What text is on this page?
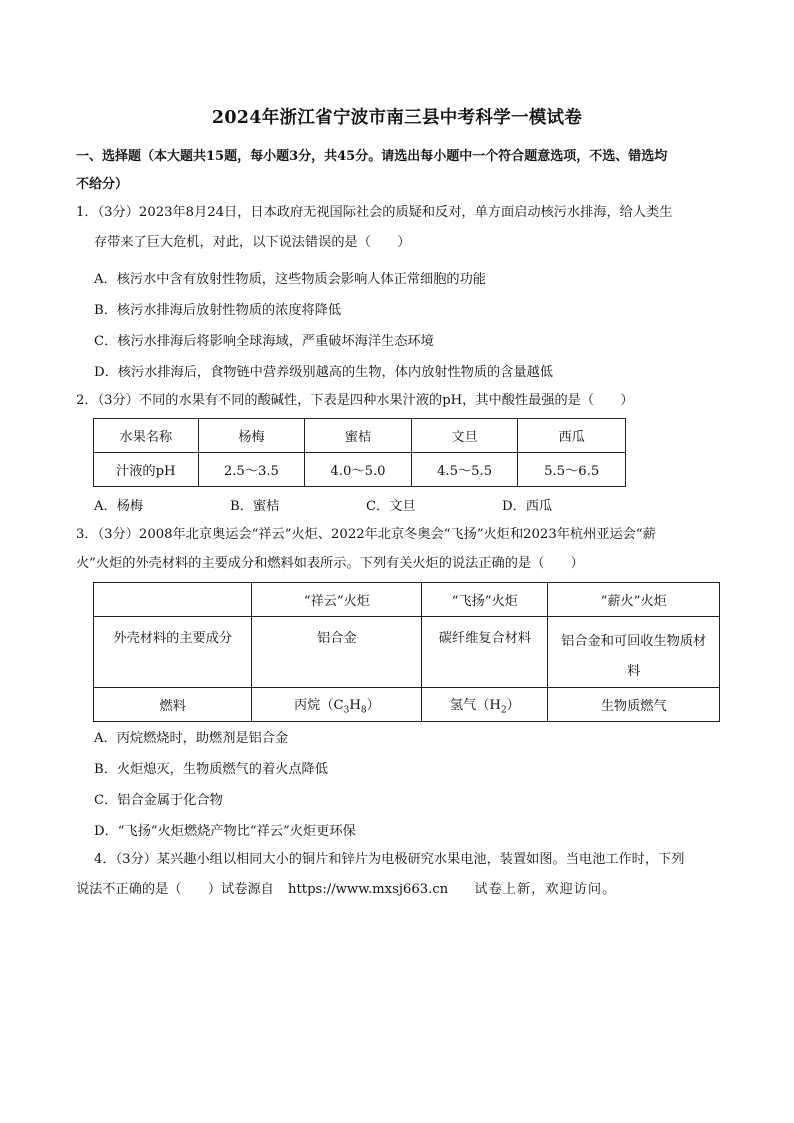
2024年浙江省宁波市南三县中考科学一模试卷
一、选择题（本大题共15题，每小题3分，共45分。请选出每小题中一个符合题意选项，不选、错选均
不给分）
1．（3分）2023年8月24日，日本政府无视国际社会的质疑和反对，单方面启动核污水排海，给人类生
存带来了巨大危机，对此，以下说法错误的是（　　）
A．核污水中含有放射性物质，这些物质会影响人体正常细胞的功能
B．核污水排海后放射性物质的浓度将降低
C．核污水排海后将影响全球海域，严重破坏海洋生态环境
D．核污水排海后，食物链中营养级别越高的生物，体内放射性物质的含量越低
2．（3分）不同的水果有不同的酸碱性，下表是四种水果汁液的pH，其中酸性最强的是（　　）
水果名称	杨梅	蜜桔	文旦	西瓜
汁液的pH	2.5～3.5	4.0～5.0	4.5～5.5	5.5～6.5
A．杨梅	B．蜜桔	C．文旦	D．西瓜
3．（3分）2008年北京奥运会“祥云”火炬、2022年北京冬奥会“飞扬”火炬和2023年杭州亚运会“薪
火”火炬的外壳材料的主要成分和燃料如表所示。下列有关火炬的说法正确的是（　　）
	“祥云”火炬	“飞扬”火炬	“薪火”火炬
外壳材料的主要成分	铝合金	碳纤维复合材料	铝合金和可回收生物质材
料

燃料	丙烷$(C_3H_8)$	氢气$(H_2)$	生物质燃气
A．丙烷燃烧时，助燃剂是铝合金
B．火炬熄灭，生物质燃气的着火点降低
C．铝合金属于化合物
D．“飞扬”火炬燃烧产物比“祥云”火炬更环保
4．（3分）某兴趣小组以相同大小的铜片和锌片为电极研究水果电池，装置如图。当电池工作时，下列
说法不正确的是（　　）试卷源自 https://www.mxsj663.cn 试卷上新，欢迎访问。
